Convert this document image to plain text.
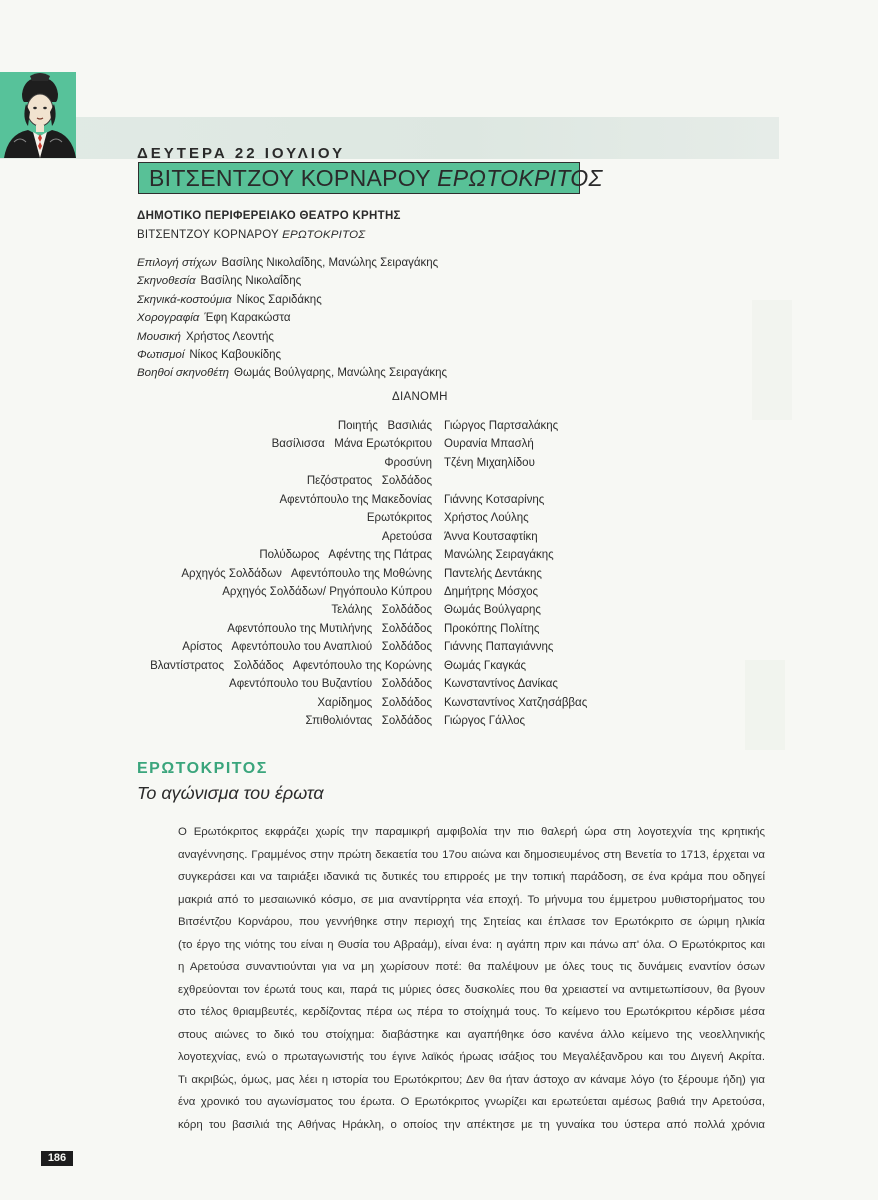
ΔΕΥΤΕΡΑ 22 ΙΟΥΛΙΟΥ
ΒΙΤΣΕΝΤΖΟΥ ΚΟΡΝΑΡΟΥ ΕΡΩΤΟΚΡΙΤΟΣ
ΔΗΜΟΤΙΚΟ ΠΕΡΙΦΕΡΕΙΑΚΟ ΘΕΑΤΡΟ ΚΡΗΤΗΣ
ΒΙΤΣΕΝΤΖΟΥ ΚΟΡΝΑΡΟΥ ΕΡΩΤΟΚΡΙΤΟΣ
Επιλογή στίχων Βασίλης Νικολαΐδης, Μανώλης Σειραγάκης
Σκηνοθεσία Βασίλης Νικολαΐδης
Σκηνικά-κοστούμια Νίκος Σαριδάκης
Χορογραφία Έφη Καρακώστα
Μουσική Χρήστος Λεοντής
Φωτισμοί Νίκος Καβουκίδης
Βοηθοί σκηνοθέτη Θωμάς Βούλγαρης, Μανώλης Σειραγάκης
ΔΙΑΝΟΜΗ
Ποιητής   Βασιλιάς Γιώργος Παρτσαλάκης
Βασίλισσα   Μάνα Ερωτόκριτου Ουρανία Μπασλή
Φροσύνη Τζένη Μιχαηλίδου
Πεζόστρατος   Σολδάδος
Αφεντόπουλο της Μακεδονίας Γιάννης Κοτσαρίνης
Ερωτόκριτος Χρήστος Λούλης
Αρετούσα Άννα Κουτσαφτίκη
Πολύδωρος   Αφέντης της Πάτρας Μανώλης Σειραγάκης
Αρχηγός Σολδάδων   Αφεντόπουλο της Μοθώνης Παντελής Δεντάκης
Αρχηγός Σολδάδων/ Ρηγόπουλο Κύπρου Δημήτρης Μόσχος
Τελάλης   Σολδάδος Θωμάς Βούλγαρης
Αφεντόπουλο της Μυτιλήνης   Σολδάδος Προκόπης Πολίτης
Αρίστος   Αφεντόπουλο του Αναπλιού   Σολδάδος Γιάννης Παπαγιάννης
Βλαντίστρατος   Σολδάδος   Αφεντόπουλο της Κορώνης Θωμάς Γκαγκάς
Αφεντόπουλο του Βυζαντίου   Σολδάδος Κωνσταντίνος Δανίκας
Χαρίδημος   Σολδάδος Κωνσταντίνος Χατζησάββας
Σπιθολιόντας   Σολδάδος Γιώργος Γάλλος
ΕΡΩΤΟΚΡΙΤΟΣ
Το αγώνισμα του έρωτα
Ο Ερωτόκριτος εκφράζει χωρίς την παραμικρή αμφιβολία την πιο θαλερή ώρα στη λογοτεχνία της κρητικής
αναγέννησης. Γραμμένος στην πρώτη δεκαετία του 17ου αιώνα και δημοσιευμένος στη Βενετία το 1713, έρχεται να
συγκεράσει και να ταιριάξει ιδανικά τις δυτικές του επιρροές με την τοπική παράδοση, σε ένα κράμα που οδηγεί
μακριά από το μεσαιωνικό κόσμο, σε μια αναντίρρητα νέα εποχή. Το μήνυμα του έμμετρου μυθιστορήματος του
Βιτσέντζου Κορνάρου, που γεννήθηκε στην περιοχή της Σητείας και έπλασε τον Ερωτόκριτο σε ώριμη ηλικία
(το έργο της νιότης του είναι η Θυσία του Αβραάμ), είναι ένα: η αγάπη πριν και πάνω απ' όλα. Ο Ερωτόκριτος και
η Αρετούσα συναντιούνται για να μη χωρίσουν ποτέ: θα παλέψουν με όλες τους τις δυνάμεις εναντίον όσων
εχθρεύονται τον έρωτά τους και, παρά τις μύριες όσες δυσκολίες που θα χρειαστεί να αντιμετωπίσουν, θα βγουν
στο τέλος θριαμβευτές, κερδίζοντας πέρα ως πέρα το στοίχημά τους. Το κείμενο του Ερωτόκριτου κέρδισε μέσα
στους αιώνες το δικό του στοίχημα: διαβάστηκε και αγαπήθηκε όσο κανένα άλλο κείμενο της νεοελληνικής
λογοτεχνίας, ενώ ο πρωταγωνιστής του έγινε λαϊκός ήρωας ισάξιος του Μεγαλέξανδρου και του Διγενή Ακρίτα.
Τι ακριβώς, όμως, μας λέει η ιστορία του Ερωτόκριτου; Δεν θα ήταν άστοχο αν κάναμε λόγο (το ξέρουμε ήδη) για
ένα χρονικό του αγωνίσματος του έρωτα. Ο Ερωτόκριτος γνωρίζει και ερωτεύεται αμέσως βαθιά την Αρετούσα,
κόρη του βασιλιά της Αθήνας Ηράκλη, ο οποίος την απέκτησε με τη γυναίκα του ύστερα από πολλά χρόνια
186
